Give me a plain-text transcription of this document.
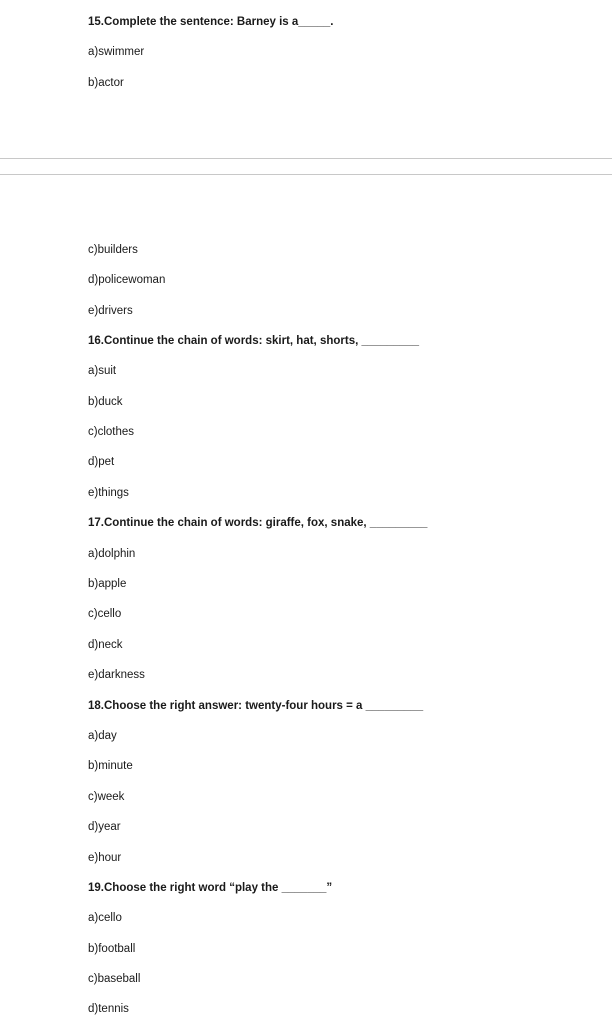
15.Complete the sentence: Barney is a_____.
a)swimmer
b)actor
c)builders
d)policewoman
e)drivers
16.Continue the chain of words: skirt, hat, shorts, _________
a)suit
b)duck
c)clothes
d)pet
e)things
17.Continue the chain of words: giraffe, fox, snake, _________
a)dolphin
b)apple
c)cello
d)neck
e)darkness
18.Choose the right answer: twenty-four hours = a _________
a)day
b)minute
c)week
d)year
e)hour
19.Choose the right word “play the _______”
a)cello
b)football
c)baseball
d)tennis
